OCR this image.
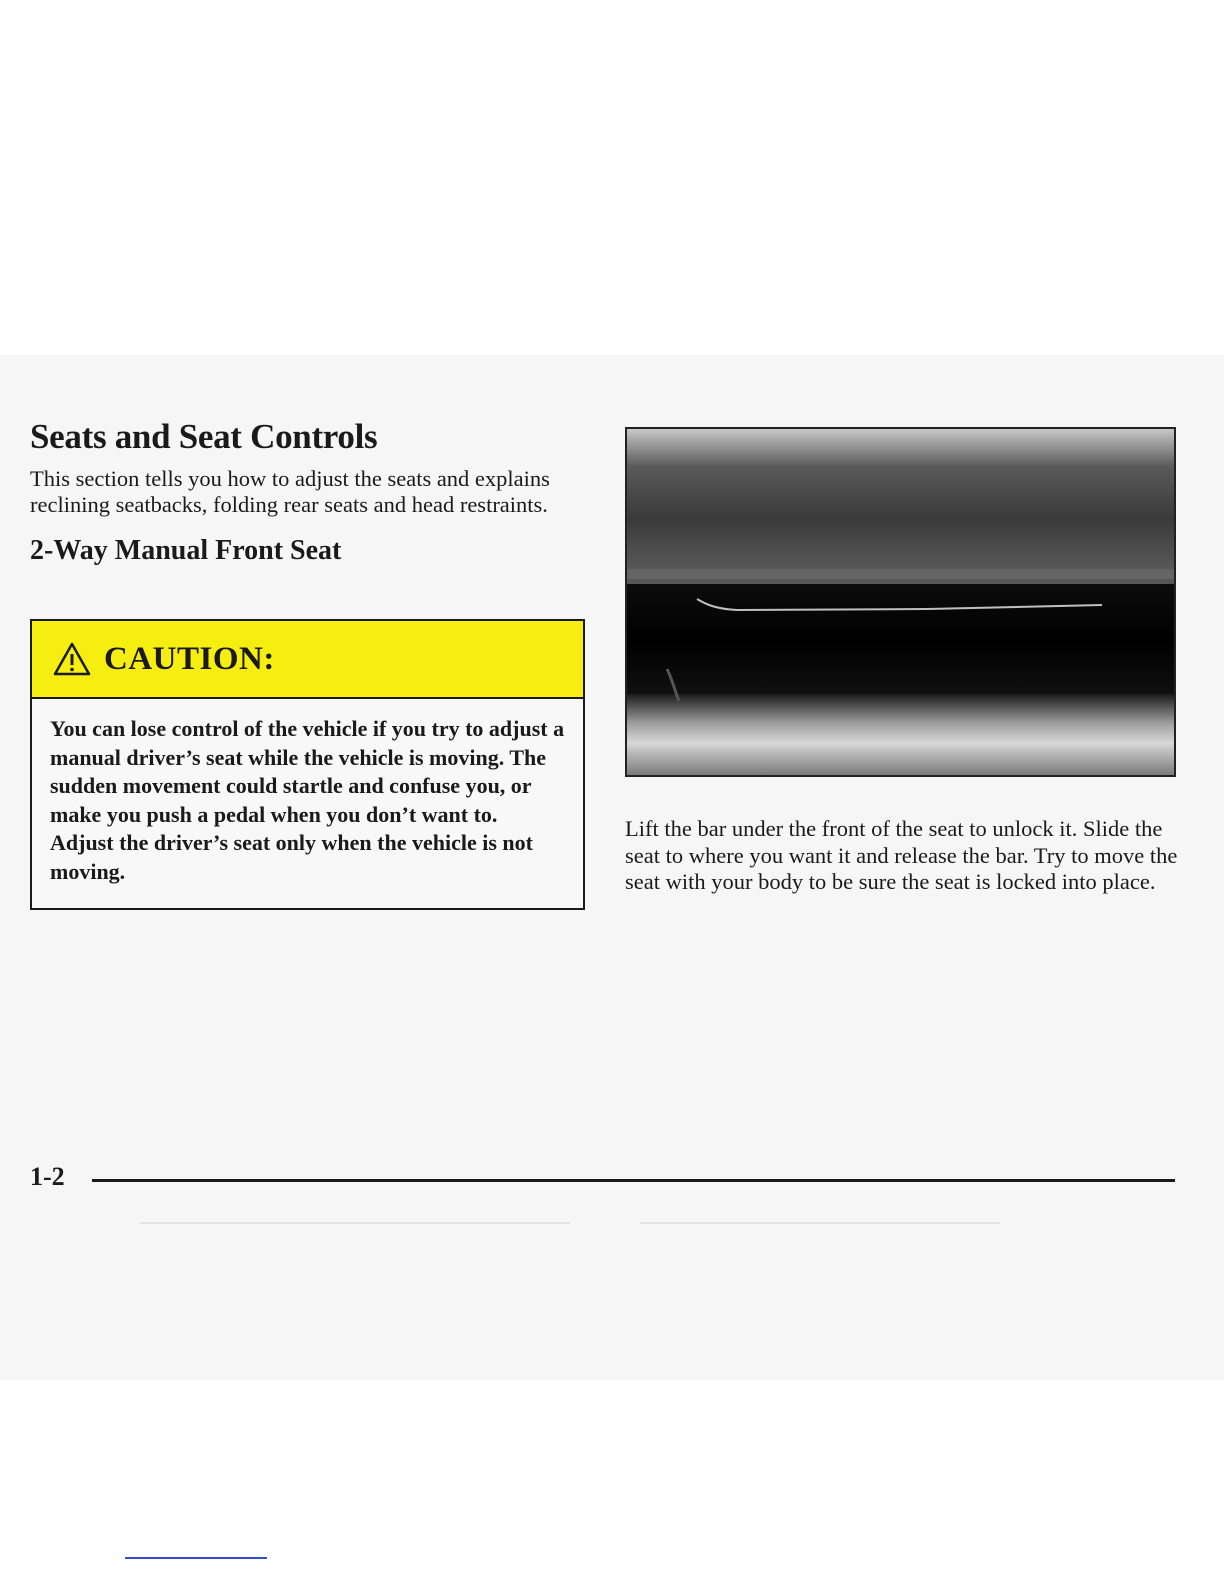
Seats and Seat Controls

This section tells you how to adjust the seats and explains reclining seatbacks, folding rear seats and head restraints.

2-Way Manual Front Seat
CAUTION:
You can lose control of the vehicle if you try to adjust a manual driver’s seat while the vehicle is moving. The sudden movement could startle and confuse you, or make you push a pedal when you don’t want to. Adjust the driver’s seat only when the vehicle is not moving.
Lift the bar under the front of the seat to unlock it. Slide the seat to where you want it and release the bar. Try to move the seat with your body to be sure the seat is locked into place.
1-2
